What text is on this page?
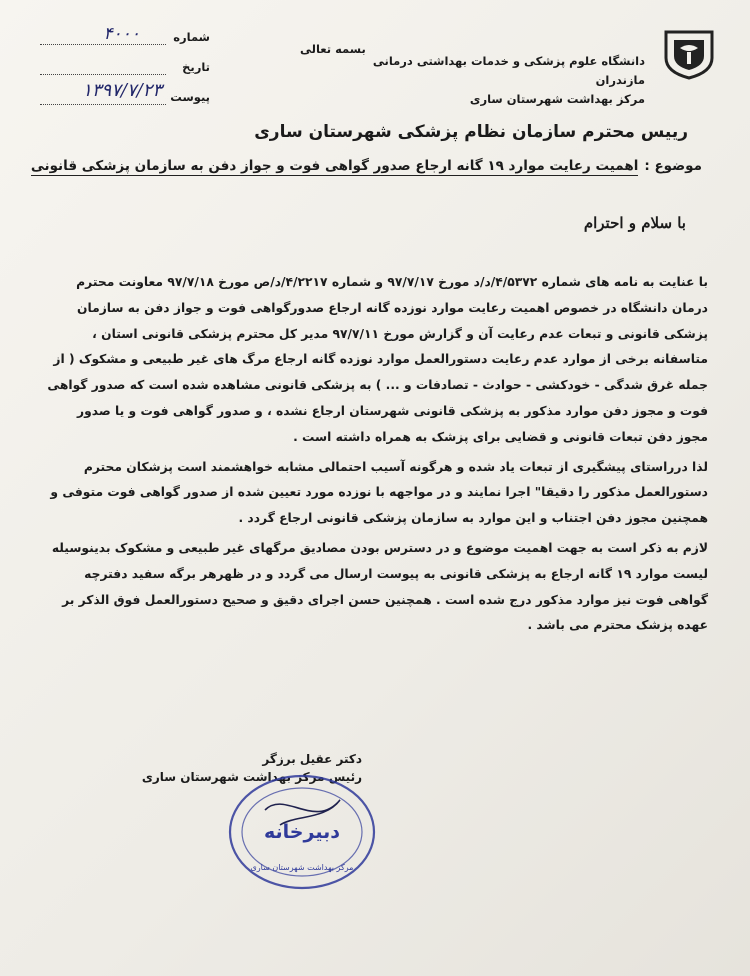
دانشگاه علوم پزشکی و خدمات بهداشتی درمانی مازندران
مرکز بهداشت شهرستان ساری
بسمه تعالی
شماره
۴۰۰۰
تاریخ
پیوست
۱۳۹۷/۷/۲۳
رییس محترم سازمان نظام پزشکی شهرستان ساری
موضوع :
اهمیت رعایت موارد ۱۹ گانه ارجاع صدور گواهی فوت و جواز دفن به سازمان پزشکی قانونی
با سلام و احترام

با عنایت به نامه های شماره ۴/۵۳۷۲/د/د مورخ ۹۷/۷/۱۷ و شماره ۴/۲۲۱۷/د/ص مورخ ۹۷/۷/۱۸ معاونت محترم درمان دانشگاه در خصوص اهمیت رعایت موارد نوزده گانه ارجاع صدورگواهی فوت و جواز دفن به سازمان پزشکی قانونی و تبعات عدم رعایت آن و گزارش مورخ ۹۷/۷/۱۱ مدیر کل محترم پزشکی قانونی استان ، متاسفانه برخی از موارد عدم رعایت دستورالعمل موارد نوزده گانه ارجاع مرگ های غیر طبیعی و مشکوک ( از جمله غرق شدگی - خودکشی - حوادث - تصادفات و ... ) به پزشکی قانونی مشاهده شده است که صدور گواهی فوت و مجوز دفن موارد مذکور به پزشکی قانونی شهرستان ارجاع نشده ، و صدور گواهی فوت و یا صدور مجوز دفن تبعات قانونی و قضایی برای پزشک به همراه داشته است .

لذا درراستای پیشگیری از تبعات یاد شده و هرگونه آسیب احتمالی مشابه خواهشمند است پزشکان محترم دستورالعمل مذکور را دقیقا" اجرا نمایند و در مواجهه با نوزده مورد تعیین شده از صدور گواهی فوت متوفی و همچنین مجوز دفن اجتناب و این موارد به سازمان پزشکی قانونی ارجاع گردد .

لازم به ذکر است به جهت اهمیت موضوع و در دسترس بودن مصادیق مرگهای غیر طبیعی و مشکوک بدینوسیله لیست موارد ۱۹ گانه ارجاع به پزشکی قانونی به پیوست ارسال می گردد و در ظهرهر برگه سفید دفترچه گواهی فوت نیز موارد مذکور درج شده است . همچنین حسن اجرای دقیق و صحیح دستورالعمل فوق الذکر بر عهده پزشک محترم می باشد .

دکتر عقیل برزگر
رئیس مرکز بهداشت شهرستان ساری
دبیرخانه
مرکز بهداشت شهرستان ساری
